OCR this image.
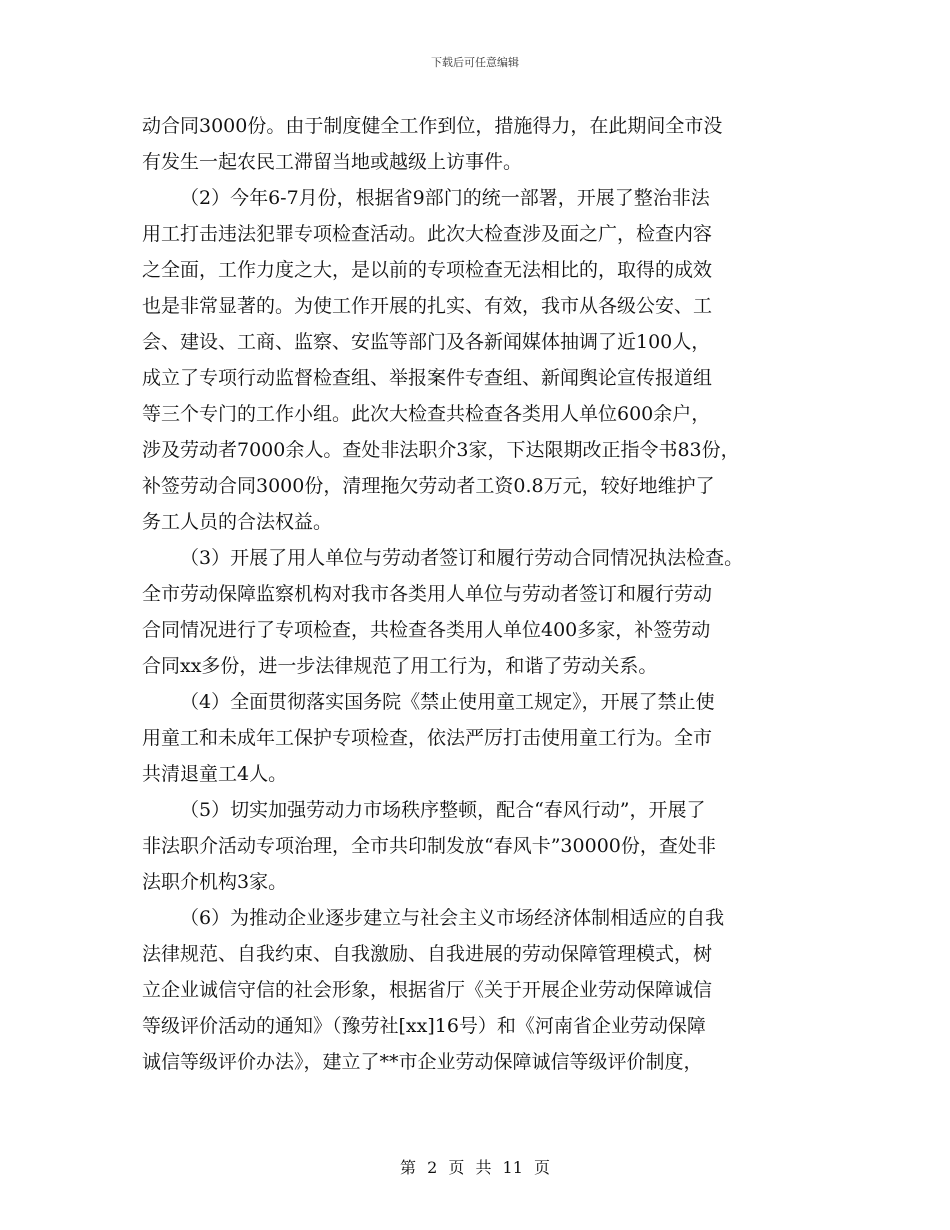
下载后可任意编辑
动合同3000份。由于制度健全工作到位，措施得力，在此期间全市没
有发生一起农民工滞留当地或越级上访事件。
（2）今年6-7月份，根据省9部门的统一部署，开展了整治非法
用工打击违法犯罪专项检查活动。此次大检查涉及面之广，检查内容
之全面，工作力度之大，是以前的专项检查无法相比的，取得的成效
也是非常显著的。为使工作开展的扎实、有效，我市从各级公安、工
会、建设、工商、监察、安监等部门及各新闻媒体抽调了近100人，
成立了专项行动监督检查组、举报案件专查组、新闻舆论宣传报道组
等三个专门的工作小组。此次大检查共检查各类用人单位600余户，
涉及劳动者7000余人。查处非法职介3家，下达限期改正指令书83份，
补签劳动合同3000份，清理拖欠劳动者工资0.8万元，较好地维护了
务工人员的合法权益。
（3）开展了用人单位与劳动者签订和履行劳动合同情况执法检查。
全市劳动保障监察机构对我市各类用人单位与劳动者签订和履行劳动
合同情况进行了专项检查，共检查各类用人单位400多家，补签劳动
合同xx多份，进一步法律规范了用工行为，和谐了劳动关系。
（4）全面贯彻落实国务院《禁止使用童工规定》，开展了禁止使
用童工和未成年工保护专项检查，依法严厉打击使用童工行为。全市
共清退童工4人。
（5）切实加强劳动力市场秩序整顿，配合“春风行动”，开展了
非法职介活动专项治理，全市共印制发放“春风卡”30000份，查处非
法职介机构3家。
（6）为推动企业逐步建立与社会主义市场经济体制相适应的自我
法律规范、自我约束、自我激励、自我进展的劳动保障管理模式，树
立企业诚信守信的社会形象，根据省厅《关于开展企业劳动保障诚信
等级评价活动的通知》（豫劳社[xx]16号）和《河南省企业劳动保障
诚信等级评价办法》，建立了**市企业劳动保障诚信等级评价制度，
第 2 页 共 11 页
